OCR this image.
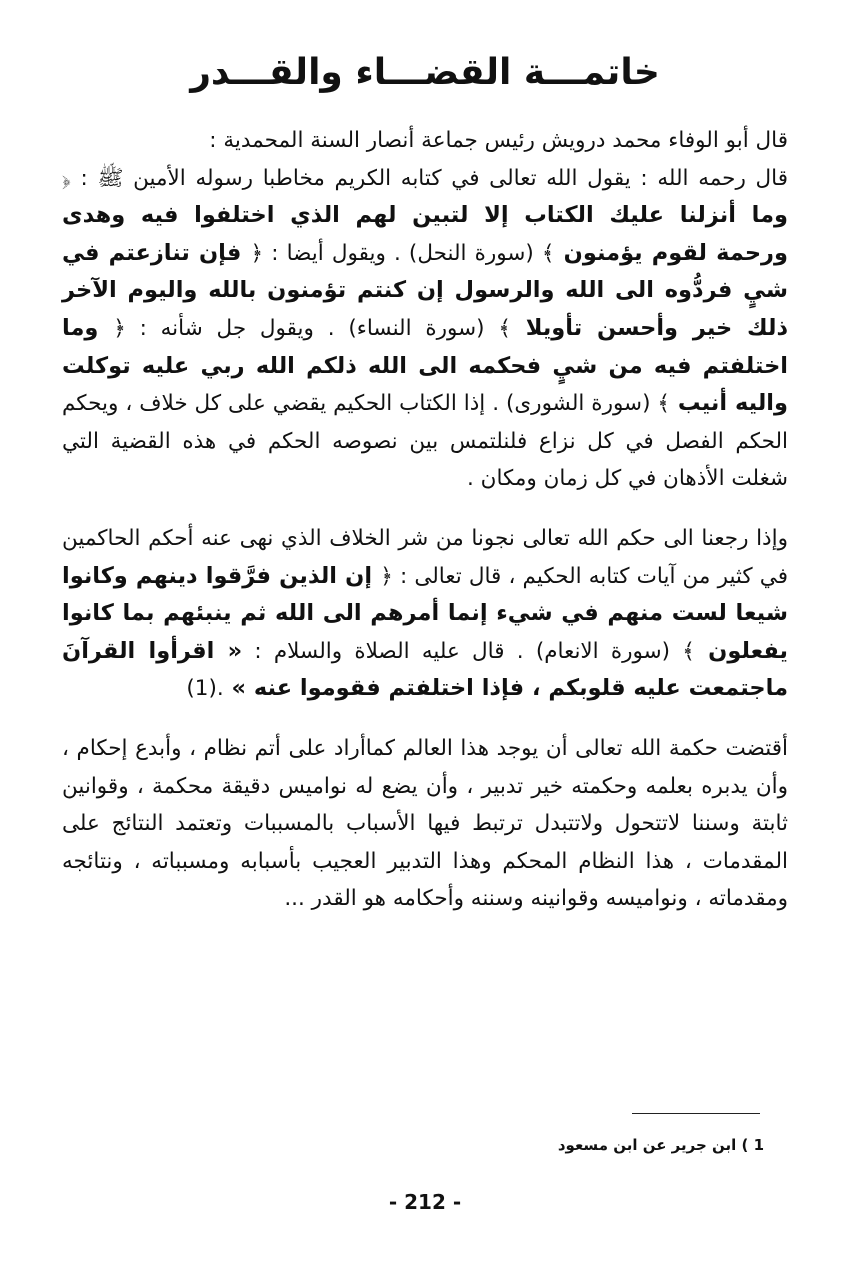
خاتمـــة القضـــاء والقـــدر

قال أبو الوفاء محمد درويش رئيس جماعة أنصار السنة المحمدية :
قال رحمه الله : يقول الله تعالى في كتابه الكريم مخاطبا رسوله الأمين ﷺ : ﴿ وما أنزلنا عليك الكتاب إلا لتبين لهم الذي اختلفوا فيه وهدى ورحمة لقوم يؤمنون ﴾ (سورة النحل) . ويقول أيضا : ﴿ فإن تنازعتم في شيٍ فردُّوه الى الله والرسول إن كنتم تؤمنون بالله واليوم الآخر ذلك خير وأحسن تأويلا ﴾ (سورة النساء) . ويقول جل شأنه : ﴿ وما اختلفتم فيه من شيٍ فحكمه الى الله ذلكم الله ربي عليه توكلت واليه أنيب ﴾ (سورة الشورى) . إذا الكتاب الحكيم يقضي على كل خلاف ، ويحكم الحكم الفصل في كل نزاع فلنلتمس بين نصوصه الحكم في هذه القضية التي شغلت الأذهان في كل زمان ومكان .

وإذا رجعنا الى حكم الله تعالى نجونا من شر الخلاف الذي نهى عنه أحكم الحاكمين في كثير من آيات كتابه الحكيم ، قال تعالى : ﴿ إن الذين فرَّقوا دينهم وكانوا شيعا لست منهم في شيء إنما أمرهم الى الله ثم ينبئهم بما كانوا يفعلون ﴾ (سورة الانعام) . قال عليه الصلاة والسلام : « اقرأوا القرآنَ ماجتمعت عليه قلوبكم ، فإذا اختلفتم فقوموا عنه » .(1)

أقتضت حكمة الله تعالى أن يوجد هذا العالم كماأراد على أتم نظام ، وأبدع إحكام ، وأن يدبره بعلمه وحكمته خير تدبير ، وأن يضع له نواميس دقيقة محكمة ، وقوانين ثابتة وسننا لاتتحول ولاتتبدل ترتبط فيها الأسباب بالمسببات وتعتمد النتائج على المقدمات ، هذا النظام المحكم وهذا التدبير العجيب بأسبابه ومسبباته ، ونتائجه ومقدماته ، ونواميسه وقوانينه وسننه وأحكامه هو القدر ...

1 ) ابن جرير عن ابن مسعود
- 212 -
